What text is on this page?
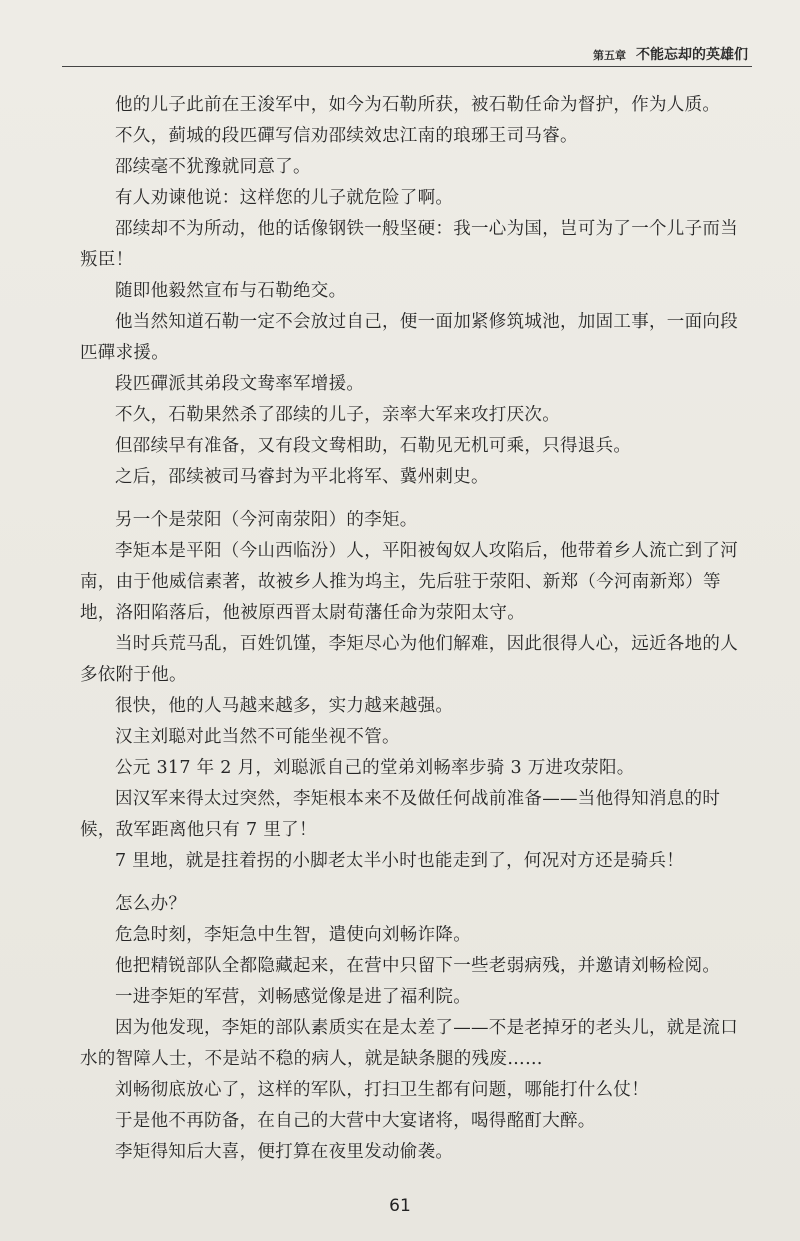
第五章 不能忘却的英雄们

他的儿子此前在王浚军中，如今为石勒所获，被石勒任命为督护，作为人质。

不久，蓟城的段匹磾写信劝邵续效忠江南的琅琊王司马睿。

邵续毫不犹豫就同意了。

有人劝谏他说：这样您的儿子就危险了啊。

邵续却不为所动，他的话像钢铁一般坚硬：我一心为国，岂可为了一个儿子而当叛臣！

随即他毅然宣布与石勒绝交。

他当然知道石勒一定不会放过自己，便一面加紧修筑城池，加固工事，一面向段匹磾求援。

段匹磾派其弟段文鸯率军增援。

不久，石勒果然杀了邵续的儿子，亲率大军来攻打厌次。

但邵续早有准备，又有段文鸯相助，石勒见无机可乘，只得退兵。

之后，邵续被司马睿封为平北将军、冀州刺史。

另一个是荥阳（今河南荥阳）的李矩。

李矩本是平阳（今山西临汾）人，平阳被匈奴人攻陷后，他带着乡人流亡到了河南，由于他威信素著，故被乡人推为坞主，先后驻于荥阳、新郑（今河南新郑）等地，洛阳陷落后，他被原西晋太尉荀藩任命为荥阳太守。

当时兵荒马乱，百姓饥馑，李矩尽心为他们解难，因此很得人心，远近各地的人多依附于他。

很快，他的人马越来越多，实力越来越强。

汉主刘聪对此当然不可能坐视不管。

公元 317 年 2 月，刘聪派自己的堂弟刘畅率步骑 3 万进攻荥阳。

因汉军来得太过突然，李矩根本来不及做任何战前准备——当他得知消息的时候，敌军距离他只有 7 里了！

7 里地，就是拄着拐的小脚老太半小时也能走到了，何况对方还是骑兵！

怎么办？

危急时刻，李矩急中生智，遣使向刘畅诈降。

他把精锐部队全都隐藏起来，在营中只留下一些老弱病残，并邀请刘畅检阅。

一进李矩的军营，刘畅感觉像是进了福利院。

因为他发现，李矩的部队素质实在是太差了——不是老掉牙的老头儿，就是流口水的智障人士，不是站不稳的病人，就是缺条腿的残废……

刘畅彻底放心了，这样的军队，打扫卫生都有问题，哪能打什么仗！

于是他不再防备，在自己的大营中大宴诸将，喝得酩酊大醉。

李矩得知后大喜，便打算在夜里发动偷袭。

61
